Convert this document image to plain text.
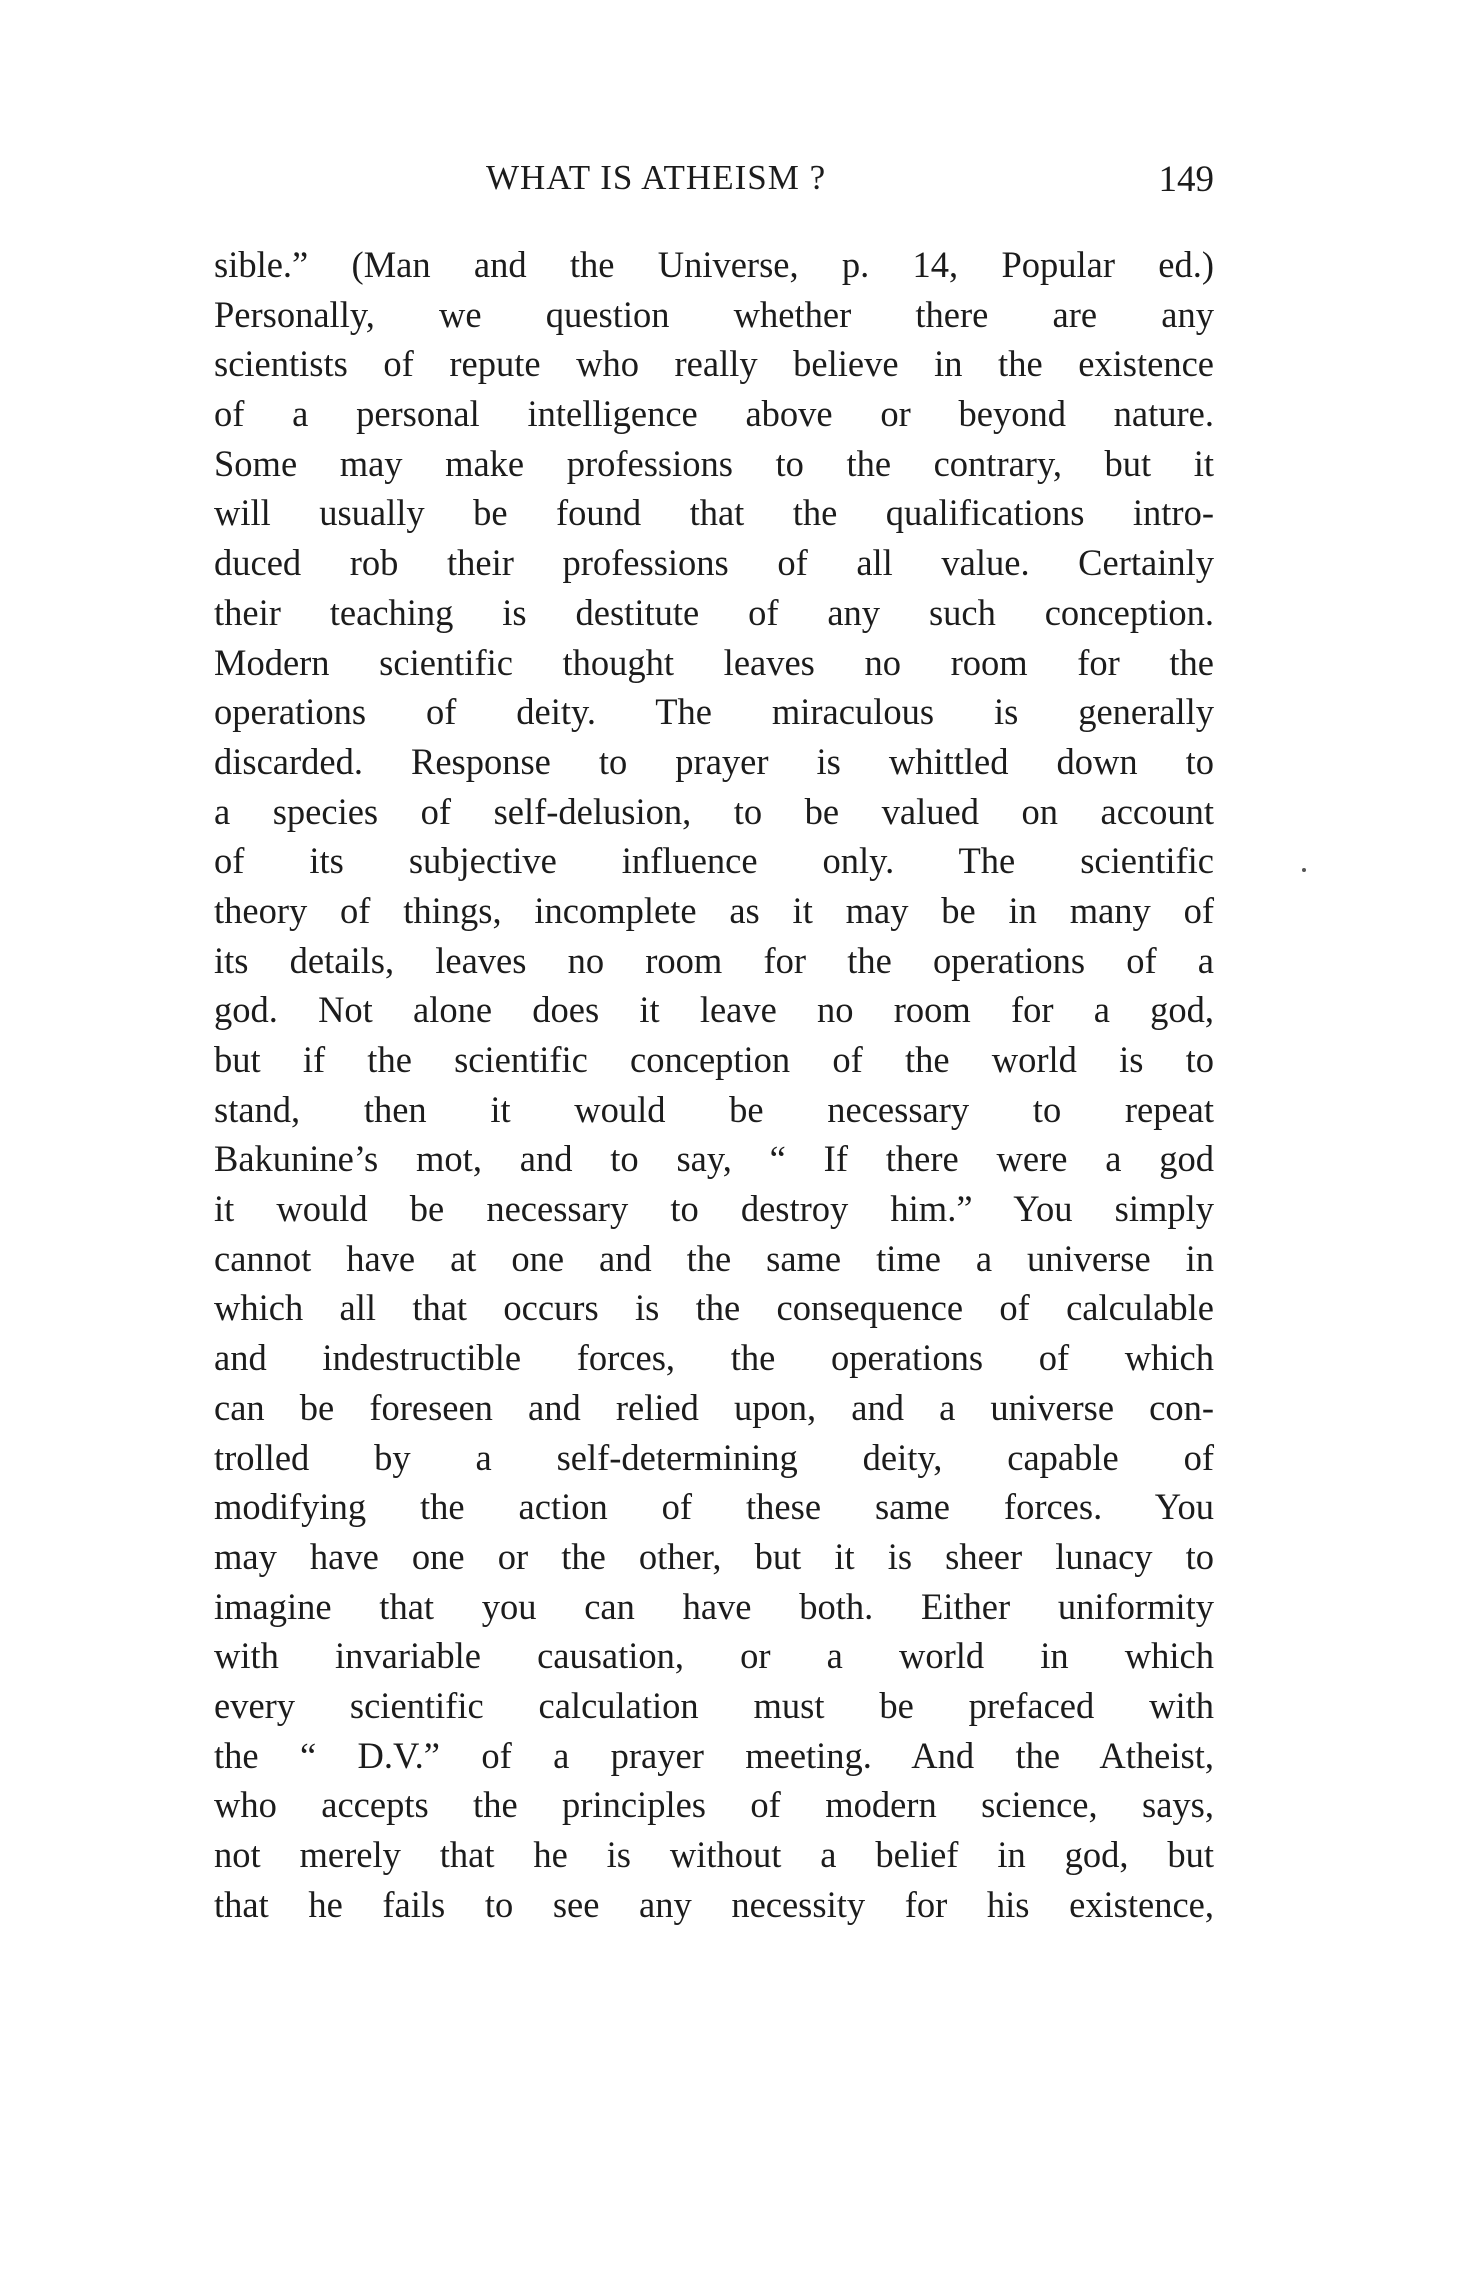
WHAT IS ATHEISM ?	149
sible.” (Man and the Universe, p. 14, Popular ed.)
Personally, we question whether there are any
scientists of repute who really believe in the existence
of a personal intelligence above or beyond nature.
Some may make professions to the contrary, but it
will usually be found that the qualifications intro-
duced rob their professions of all value. Certainly
their teaching is destitute of any such conception.
Modern scientific thought leaves no room for the
operations of deity. The miraculous is generally
discarded. Response to prayer is whittled down to
a species of self-delusion, to be valued on account
of its subjective influence only. The scientific
theory of things, incomplete as it may be in many of
its details, leaves no room for the operations of a
god. Not alone does it leave no room for a god,
but if the scientific conception of the world is to
stand, then it would be necessary to repeat
Bakunine’s mot, and to say, “ If there were a god
it would be necessary to destroy him.” You simply
cannot have at one and the same time a universe in
which all that occurs is the consequence of calculable
and indestructible forces, the operations of which
can be foreseen and relied upon, and a universe con-
trolled by a self-determining deity, capable of
modifying the action of these same forces. You
may have one or the other, but it is sheer lunacy to
imagine that you can have both. Either uniformity
with invariable causation, or a world in which
every scientific calculation must be prefaced with
the “ D.V.” of a prayer meeting. And the Atheist,
who accepts the principles of modern science, says,
not merely that he is without a belief in god, but
that he fails to see any necessity for his existence,
